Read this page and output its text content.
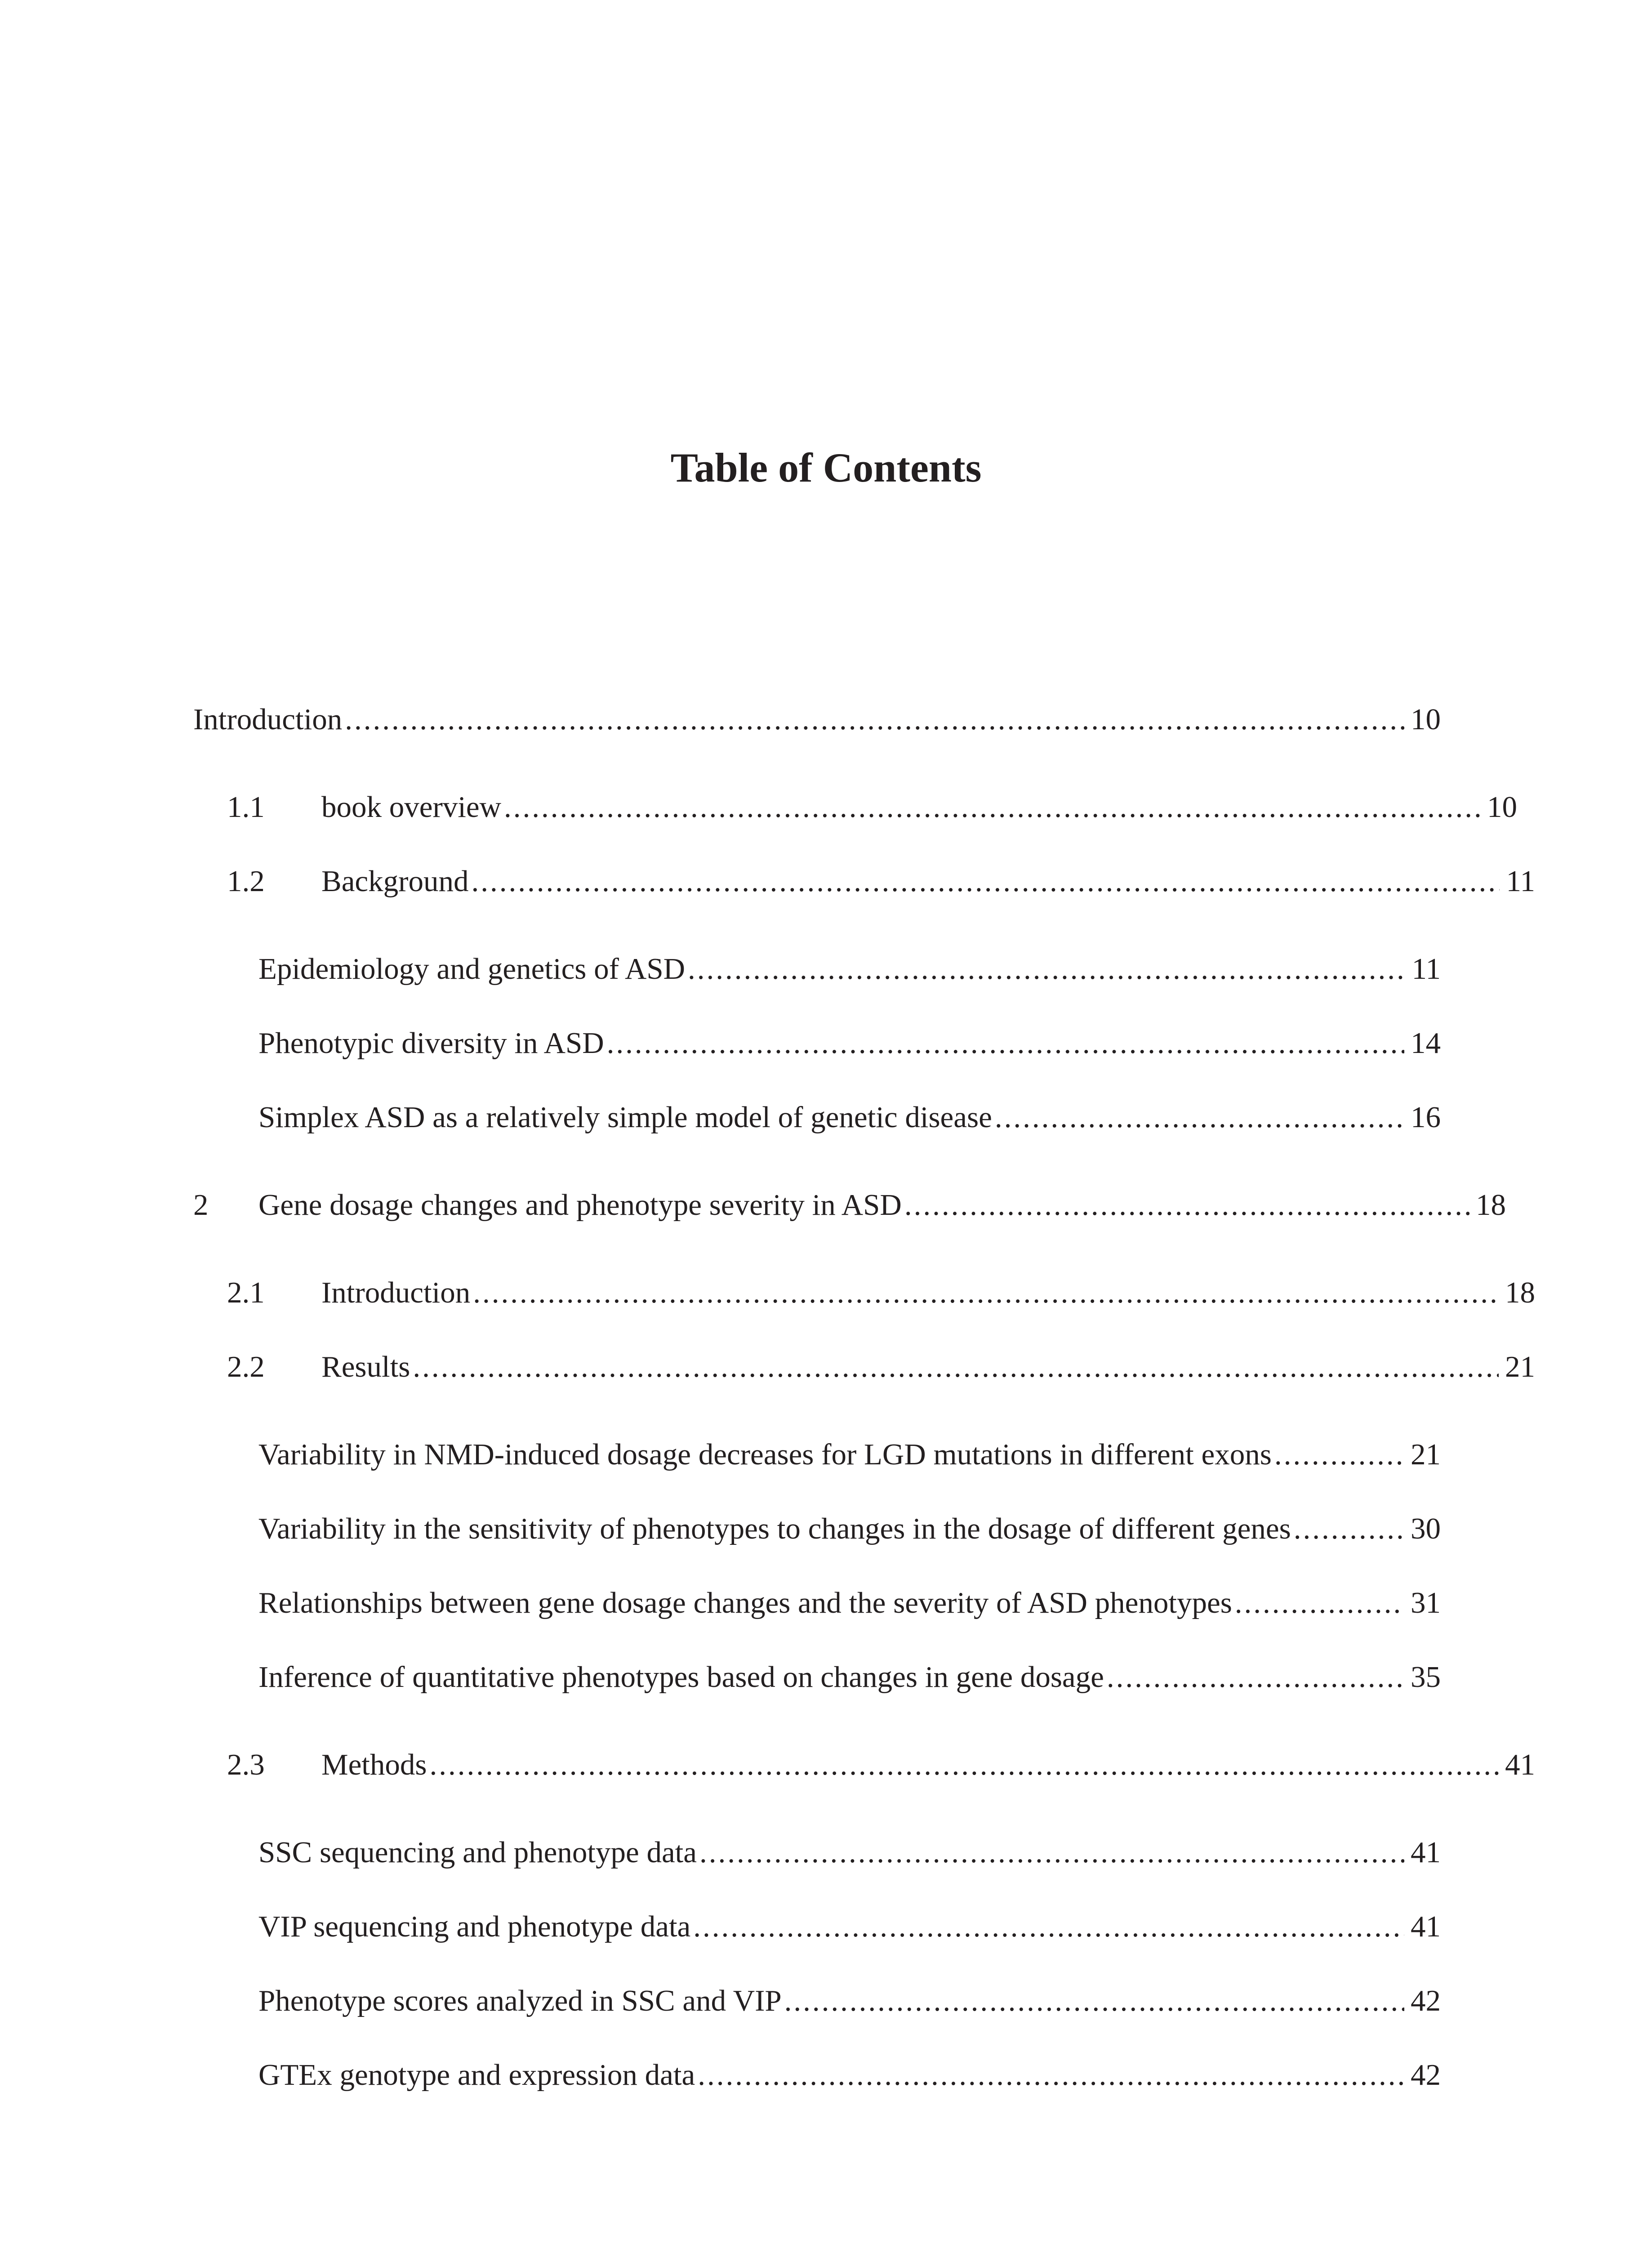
Table of Contents
Introduction .....	10
1.1 book overview .....	10
1.2 Background .....	11
Epidemiology and genetics of ASD .....	11
Phenotypic diversity in ASD .....	14
Simplex ASD as a relatively simple model of genetic disease .....	16
2 Gene dosage changes and phenotype severity in ASD .....	18
2.1 Introduction .....	18
2.2 Results .....	21
Variability in NMD-induced dosage decreases for LGD mutations in different exons .....	21
Variability in the sensitivity of phenotypes to changes in the dosage of different genes .....	30
Relationships between gene dosage changes and the severity of ASD phenotypes .....	31
Inference of quantitative phenotypes based on changes in gene dosage .....	35
2.3 Methods .....	41
SSC sequencing and phenotype data .....	41
VIP sequencing and phenotype data .....	41
Phenotype scores analyzed in SSC and VIP .....	42
GTEx genotype and expression data .....	42
